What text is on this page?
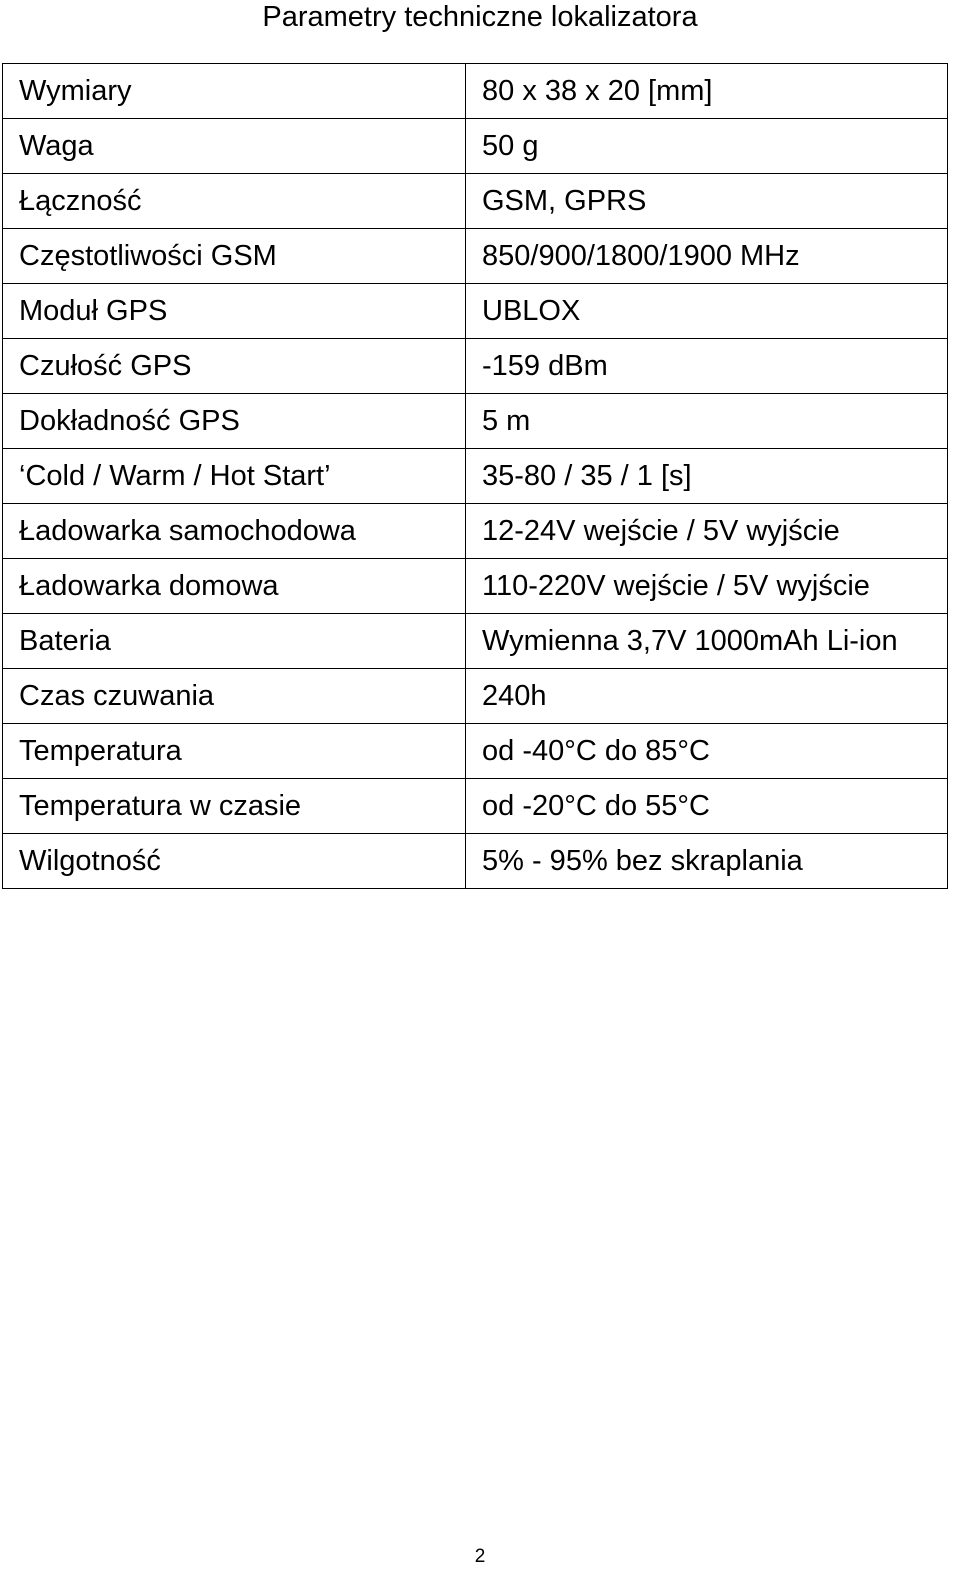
Parametry techniczne lokalizatora
Wymiary	80 x 38 x 20 [mm]
Waga	50 g
Łączność	GSM, GPRS
Częstotliwości GSM	850/900/1800/1900 MHz
Moduł GPS	UBLOX
Czułość GPS	-159 dBm
Dokładność GPS	5 m
‘Cold / Warm / Hot Start’	35-80 / 35 / 1 [s]
Ładowarka samochodowa	12-24V wejście / 5V wyjście
Ładowarka domowa	110-220V wejście / 5V wyjście
Bateria	Wymienna 3,7V 1000mAh Li-ion
Czas czuwania	240h
Temperatura	od -40°C do 85°C
Temperatura w czasie	od -20°C do 55°C
Wilgotność	5% - 95% bez skraplania
2
